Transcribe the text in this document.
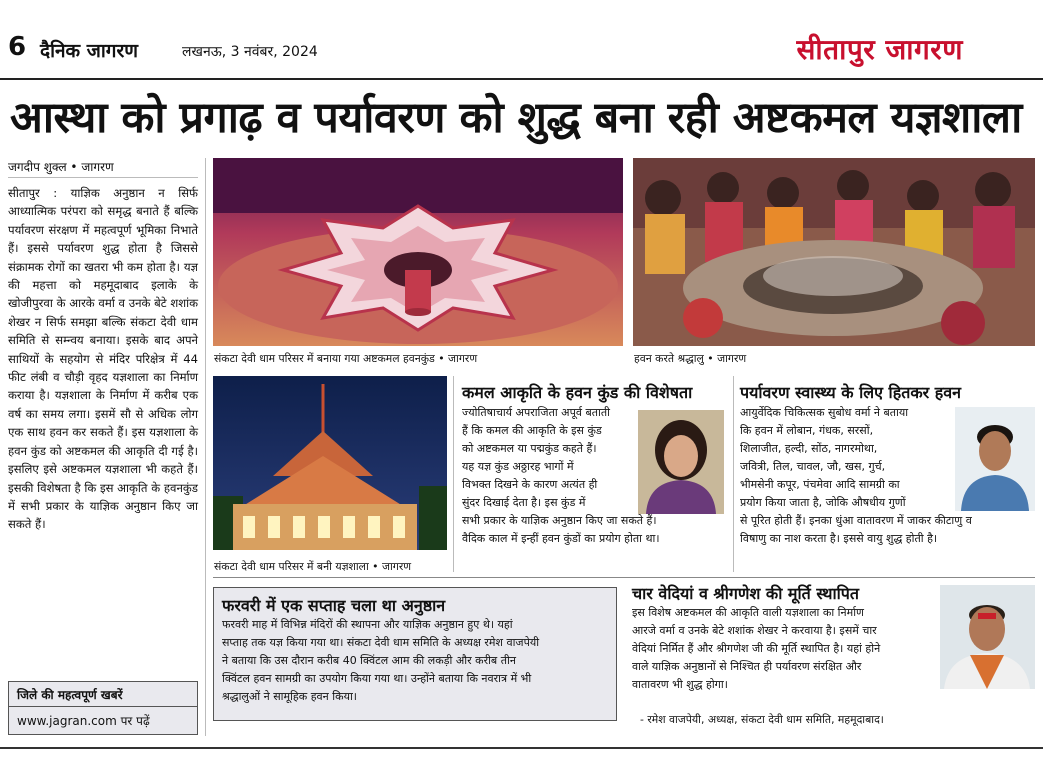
6 दैनिक जागरण	लखनऊ, 3 नवंबर, 2024	सीतापुर जागरण
आस्था को प्रगाढ़ व पर्यावरण को शुद्ध बना रही अष्टकमल यज्ञशाला
जगदीप शुक्ल • जागरण
सीतापुर : याज्ञिक अनुष्ठान न सिर्फ आध्यात्मिक परंपरा को समृद्ध बनाते हैं बल्कि पर्यावरण संरक्षण में महत्वपूर्ण भूमिका निभाते हैं। इससे पर्यावरण शुद्ध होता है जिससे संक्रामक रोगों का खतरा भी कम होता है। यज्ञ की महत्ता को महमूदाबाद इलाके के खोजीपुरवा के आरके वर्मा व उनके बेटे शशांक शेखर न सिर्फ समझा बल्कि संकटा देवी धाम समिति से सम्न्वय बनाया। इसके बाद अपने साथियों के सहयोग से मंदिर परिक्षेत्र में 44 फीट लंबी व चौड़ी वृहद यज्ञशाला का निर्माण कराया है। यज्ञशाला के निर्माण में करीब एक वर्ष का समय लगा। इसमें सौ से अधिक लोग एक साथ हवन कर सकते हैं। इस यज्ञशाला के हवन कुंड को अष्टकमल की आकृति दी गई है। इसलिए इसे अष्टकमल यज्ञशाला भी कहते हैं। इसकी विशेषता है कि इस आकृति के हवनकुंड में सभी प्रकार के याज्ञिक अनुष्ठान किए जा सकते हैं।
जिले की महत्वपूर्ण खबरें
www.jagran.com पर पढ़ें
संकटा देवी धाम परिसर में बनाया गया अष्टकमल हवनकुंड • जागरण	हवन करते श्रद्धालु • जागरण
संकटा देवी धाम परिसर में बनी यज्ञशाला • जागरण
कमल आकृति के हवन कुंड की विशेषता
ज्योतिषाचार्य अपराजिता अपूर्व बताती
हैं कि कमल की आकृति के इस कुंड
को अष्टकमल या पद्मकुंड कहते हैं।
यह यज्ञ कुंड अठ्ठारह भागों में
विभक्त दिखने के कारण अत्यंत ही
सुंदर दिखाई देता है। इस कुंड में
सभी प्रकार के याज्ञिक अनुष्ठान किए जा सकते हैं।
वैदिक काल में इन्हीं हवन कुंडों का प्रयोग होता था।
पर्यावरण स्वास्थ्य के लिए हितकर हवन
आयुर्वेदिक चिकित्सक सुबोध वर्मा ने बताया
कि हवन में लोबान, गंधक, सरसों,
शिलाजीत, हल्दी, सोंठ, नागरमोथा,
जवित्री, तिल, चावल, जौ, खस, गुर्च,
भीमसेनी कपूर, पंचमेवा आदि सामग्री का
प्रयोग किया जाता है, जोकि औषधीय गुणों
से पूरित होती हैं। इनका धुंआ वातावरण में जाकर कीटाणु व
विषाणु का नाश करता है। इससे वायु शुद्ध होती है।
फरवरी में एक सप्ताह चला था अनुष्ठान
फरवरी माह में विभिन्न मंदिरों की स्थापना और याज्ञिक अनुष्ठान हुए थे। यहां
सप्ताह तक यज्ञ किया गया था। संकटा देवी धाम समिति के अध्यक्ष रमेश वाजपेयी
ने बताया कि उस दौरान करीब 40 क्विंटल आम की लकड़ी और करीब तीन
क्विंटल हवन सामग्री का उपयोग किया गया था। उन्होंने बताया कि नवरात्र में भी
श्रद्धालुओं ने सामूहिक हवन किया।
चार वेदियां व श्रीगणेश की मूर्ति स्थापित
इस विशेष अष्टकमल की आकृति वाली यज्ञशाला का निर्माण
आरजे वर्मा व उनके बेटे शशांक शेखर ने करवाया है। इसमें चार
वेदियां निर्मित हैं और श्रीगणेश जी की मूर्ति स्थापित है। यहां होने
वाले याज्ञिक अनुष्ठानों से निश्चित ही पर्यावरण संरक्षित और
वातावरण भी शुद्ध होगा।
- रमेश वाजपेयी, अध्यक्ष, संकटा देवी धाम समिति, महमूदाबाद।
